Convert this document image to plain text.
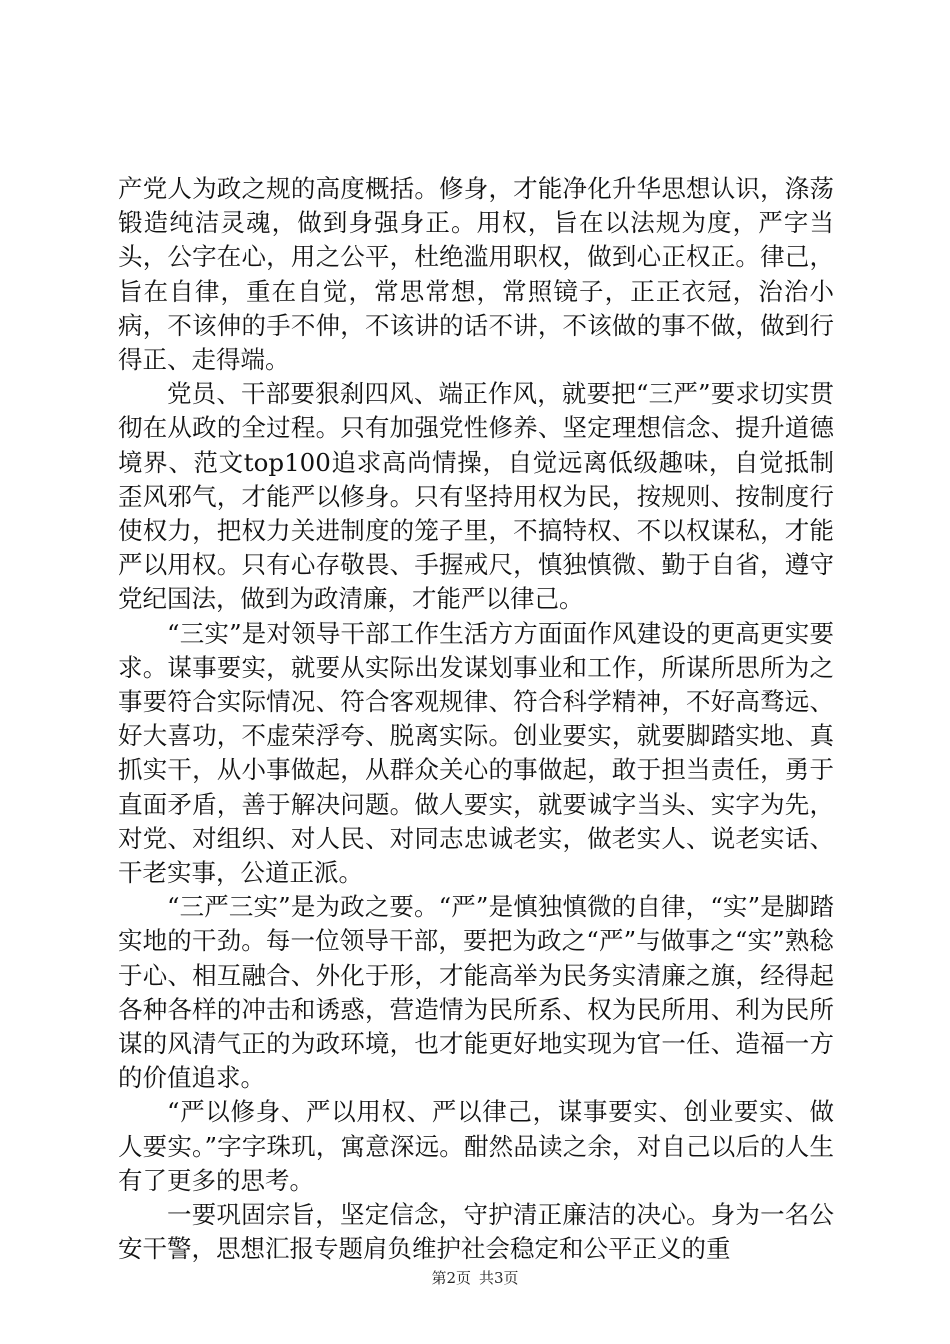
产党人为政之规的高度概括。修身，才能净化升华思想认识，涤荡锻造纯洁灵魂，做到身强身正。用权，旨在以法规为度，严字当头，公字在心，用之公平，杜绝滥用职权，做到心正权正。律己，旨在自律，重在自觉，常思常想，常照镜子，正正衣冠，治治小病，不该伸的手不伸，不该讲的话不讲，不该做的事不做，做到行得正、走得端。

党员、干部要狠刹四风、端正作风，就要把“三严”要求切实贯彻在从政的全过程。只有加强党性修养、坚定理想信念、提升道德境界、范文top100追求高尚情操，自觉远离低级趣味，自觉抵制歪风邪气，才能严以修身。只有坚持用权为民，按规则、按制度行使权力，把权力关进制度的笼子里，不搞特权、不以权谋私，才能严以用权。只有心存敬畏、手握戒尺，慎独慎微、勤于自省，遵守党纪国法，做到为政清廉，才能严以律己。

“三实”是对领导干部工作生活方方面面作风建设的更高更实要求。谋事要实，就要从实际出发谋划事业和工作，所谋所思所为之事要符合实际情况、符合客观规律、符合科学精神，不好高骛远、好大喜功，不虚荣浮夸、脱离实际。创业要实，就要脚踏实地、真抓实干，从小事做起，从群众关心的事做起，敢于担当责任，勇于直面矛盾，善于解决问题。做人要实，就要诚字当头、实字为先，对党、对组织、对人民、对同志忠诚老实，做老实人、说老实话、干老实事，公道正派。

“三严三实”是为政之要。“严”是慎独慎微的自律，“实”是脚踏实地的干劲。每一位领导干部，要把为政之“严”与做事之“实”熟稔于心、相互融合、外化于形，才能高举为民务实清廉之旗，经得起各种各样的冲击和诱惑，营造情为民所系、权为民所用、利为民所谋的风清气正的为政环境，也才能更好地实现为官一任、造福一方的价值追求。

“严以修身、严以用权、严以律己，谋事要实、创业要实、做人要实。”字字珠玑，寓意深远。酣然品读之余，对自己以后的人生有了更多的思考。

一要巩固宗旨，坚定信念，守护清正廉洁的决心。身为一名公安干警，思想汇报专题肩负维护社会稳定和公平正义的重

第2页 共3页
